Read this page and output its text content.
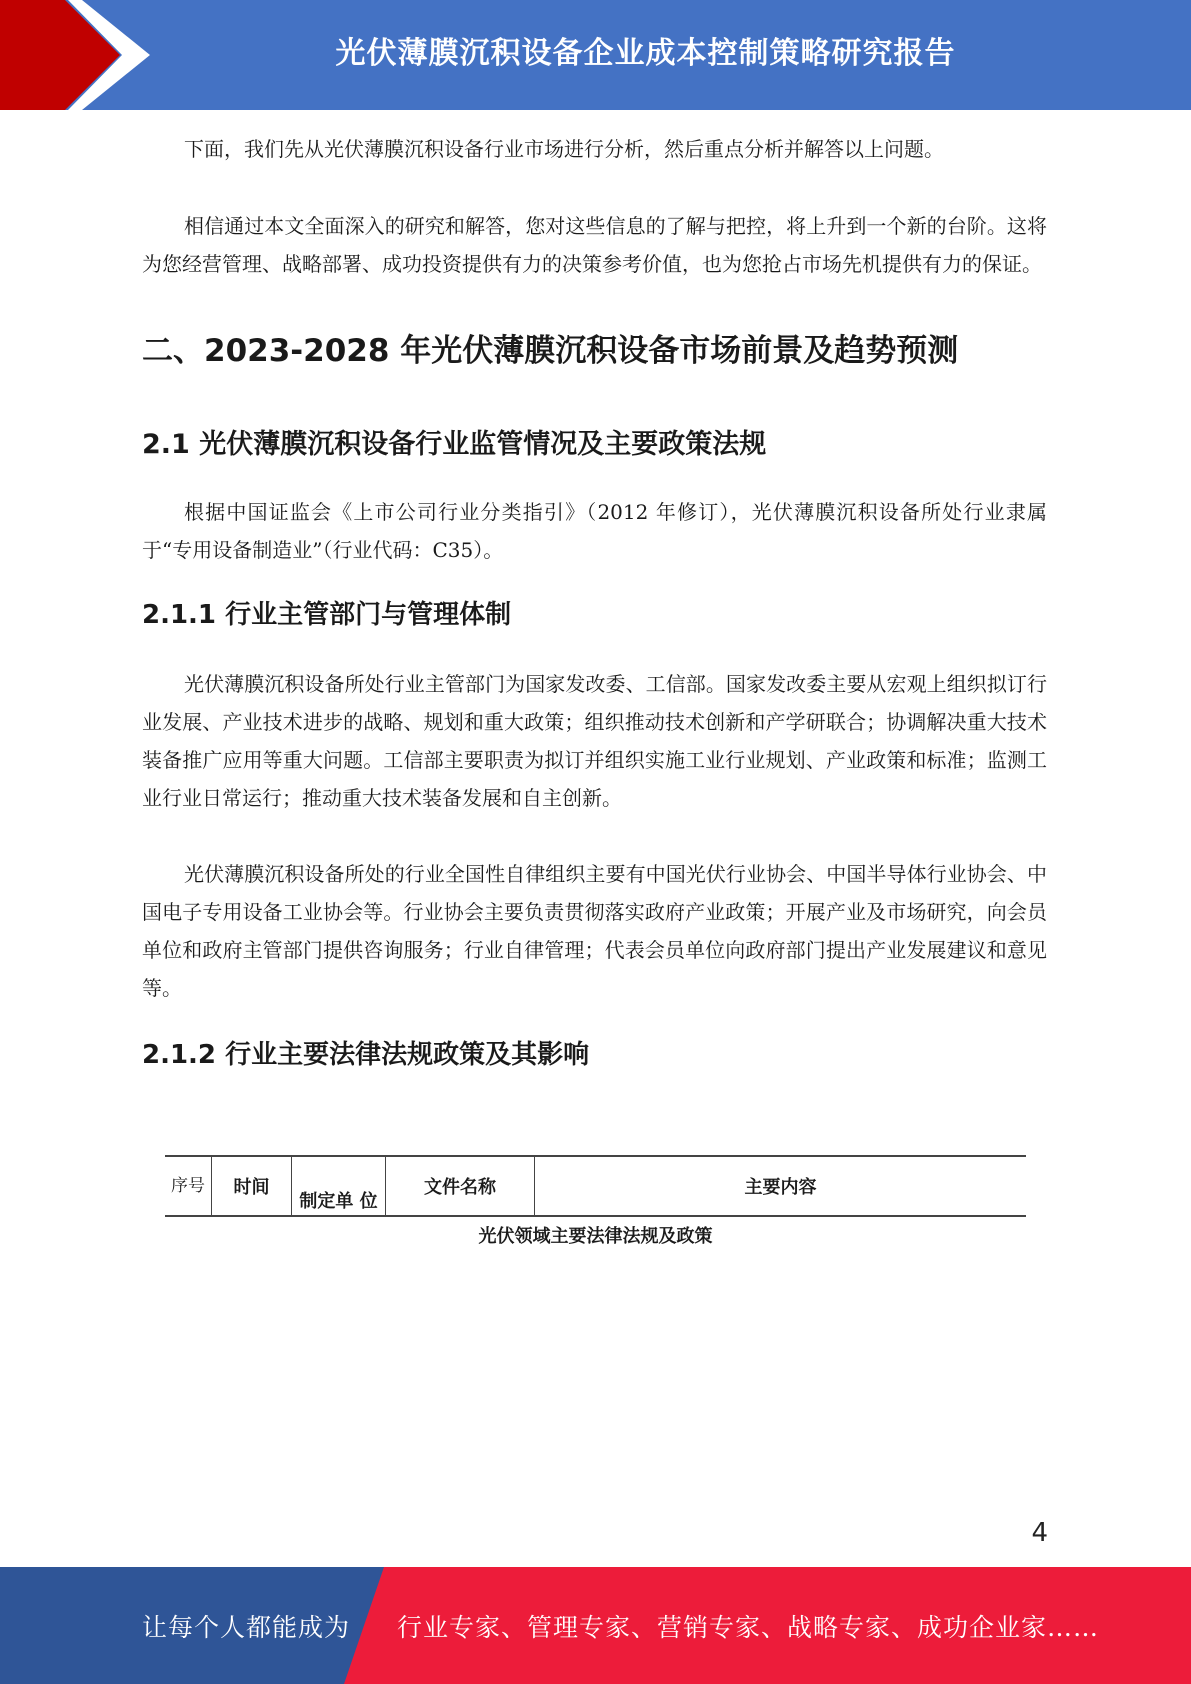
光伏薄膜沉积设备企业成本控制策略研究报告

下面，我们先从光伏薄膜沉积设备行业市场进行分析，然后重点分析并解答以上问题。

相信通过本文全面深入的研究和解答，您对这些信息的了解与把控，将上升到一个新的台阶。这将为您经营管理、战略部署、成功投资提供有力的决策参考价值，也为您抢占市场先机提供有力的保证。

二、2023-2028 年光伏薄膜沉积设备市场前景及趋势预测
2.1 光伏薄膜沉积设备行业监管情况及主要政策法规

根据中国证监会《上市公司行业分类指引》（2012 年修订），光伏薄膜沉积设备所处行业隶属于“专用设备制造业”（行业代码：C35）。

2.1.1 行业主管部门与管理体制

光伏薄膜沉积设备所处行业主管部门为国家发改委、工信部。国家发改委主要从宏观上组织拟订行业发展、产业技术进步的战略、规划和重大政策；组织推动技术创新和产学研联合；协调解决重大技术装备推广应用等重大问题。工信部主要职责为拟订并组织实施工业行业规划、产业政策和标准；监测工业行业日常运行；推动重大技术装备发展和自主创新。

光伏薄膜沉积设备所处的行业全国性自律组织主要有中国光伏行业协会、中国半导体行业协会、中国电子专用设备工业协会等。行业协会主要负责贯彻落实政府产业政策；开展产业及市场研究，向会员单位和政府主管部门提供咨询服务；行业自律管理；代表会员单位向政府部门提出产业发展建议和意见等。

2.1.2 行业主要法律法规政策及其影响
序号	时间	制定单 位	文件名称	主要内容
光伏领域主要法律法规及政策
4
让每个人都能成为 行业专家、管理专家、营销专家、战略专家、成功企业家……
